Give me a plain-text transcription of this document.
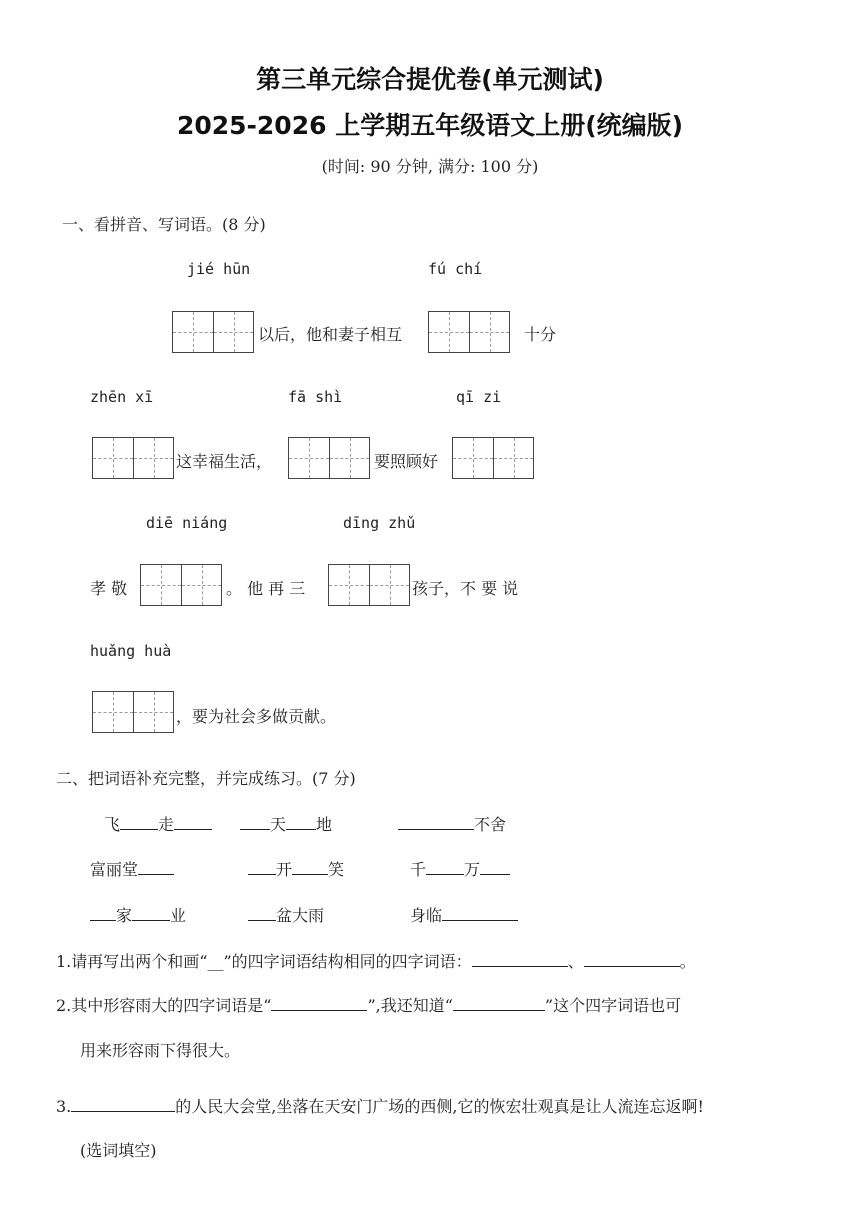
第三单元综合提优卷(单元测试)
2025-2026 上学期五年级语文上册(统编版)
(时间: 90 分钟, 满分: 100 分)
一、看拼音、写词语。(8 分)
jié hūn	fú chí
以后，他和妻子相互	十分
zhēn xī	fā shì	qī zi
这幸福生活，	要照顾好
diē niáng	dīng zhǔ
孝 敬	。 他 再 三	孩子，不 要 说
huǎng huà
，要为社会多做贡献。
二、把词语补充完整，并完成练习。(7 分)
飞 走	天 地	不舍
富丽堂	开 笑	千 万
家 业	盆大雨	身临
1.请再写出两个和画“__”的四字词语结构相同的四字词语：	、	。
2.其中形容雨大的四字词语是“	”,我还知道“	”这个四字词语也可
用来形容雨下得很大。
3.	的人民大会堂,坐落在天安门广场的西侧,它的恢宏壮观真是让人流连忘返啊!
(选词填空)
